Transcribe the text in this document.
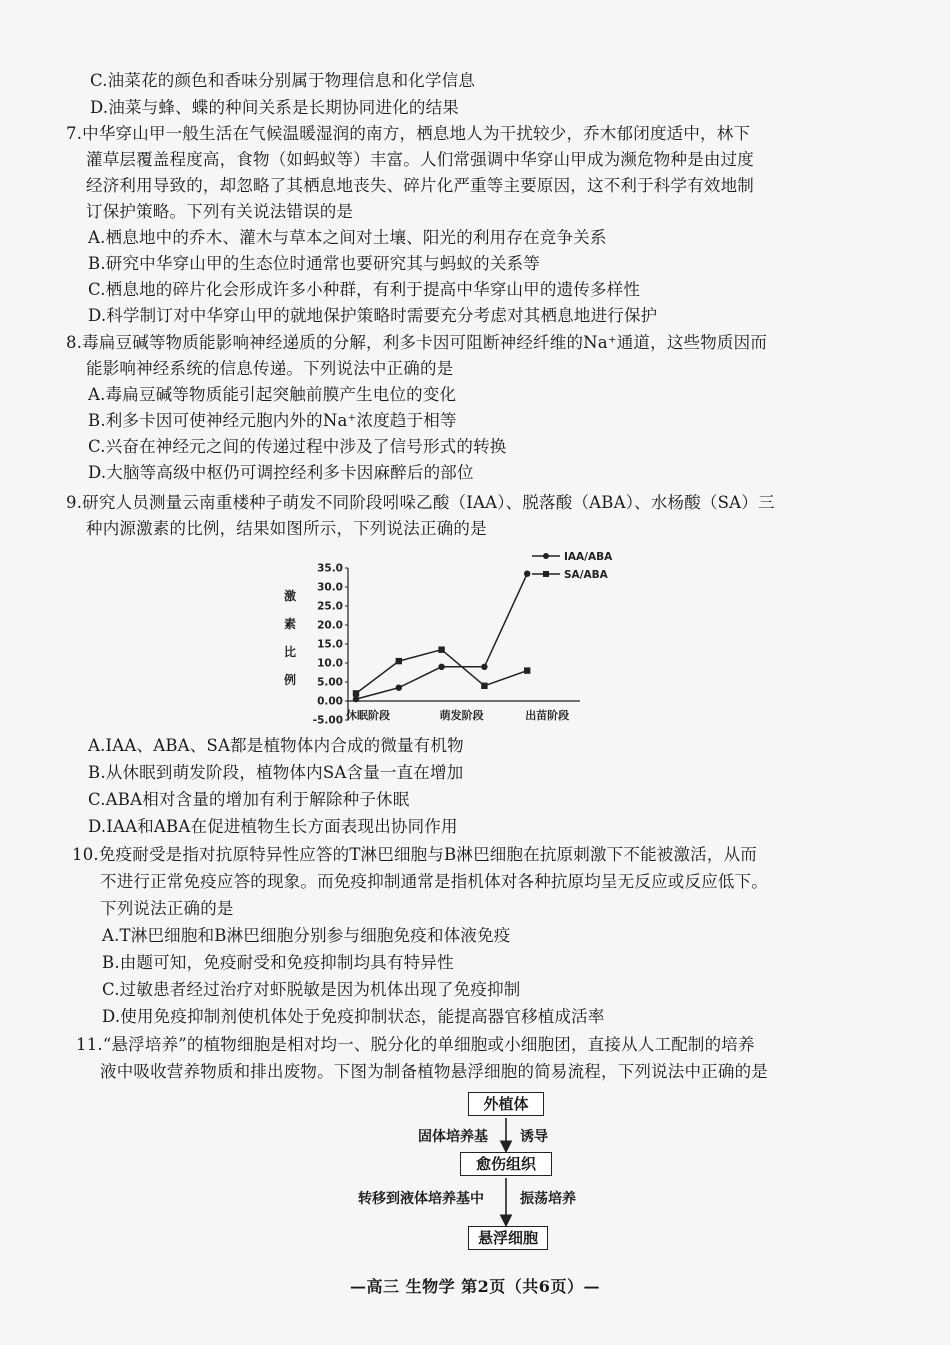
C.油菜花的颜色和香味分别属于物理信息和化学信息
D.油菜与蜂、蝶的种间关系是长期协同进化的结果
7.中华穿山甲一般生活在气候温暖湿润的南方，栖息地人为干扰较少，乔木郁闭度适中，林下
灌草层覆盖程度高，食物（如蚂蚁等）丰富。人们常强调中华穿山甲成为濒危物种是由过度
经济利用导致的，却忽略了其栖息地丧失、碎片化严重等主要原因，这不利于科学有效地制
订保护策略。下列有关说法错误的是
A.栖息地中的乔木、灌木与草本之间对土壤、阳光的利用存在竞争关系
B.研究中华穿山甲的生态位时通常也要研究其与蚂蚁的关系等
C.栖息地的碎片化会形成许多小种群，有利于提高中华穿山甲的遗传多样性
D.科学制订对中华穿山甲的就地保护策略时需要充分考虑对其栖息地进行保护
8.毒扁豆碱等物质能影响神经递质的分解，利多卡因可阻断神经纤维的Na⁺通道，这些物质因而
能影响神经系统的信息传递。下列说法中正确的是
A.毒扁豆碱等物质能引起突触前膜产生电位的变化
B.利多卡因可使神经元胞内外的Na⁺浓度趋于相等
C.兴奋在神经元之间的传递过程中涉及了信号形式的转换
D.大脑等高级中枢仍可调控经利多卡因麻醉后的部位
9.研究人员测量云南重楼种子萌发不同阶段吲哚乙酸（IAA）、脱落酸（ABA）、水杨酸（SA）三
种内源激素的比例，结果如图所示，下列说法正确的是
35.0
30.0
25.0
20.0
15.0
10.0
5.00
0.00
-5.00 休眠阶段	萌发阶段	出苗阶段
IAA/ABA
SA/ABA
激
素
比
例
A.IAA、ABA、SA都是植物体内合成的微量有机物
B.从休眠到萌发阶段，植物体内SA含量一直在增加
C.ABA相对含量的增加有利于解除种子休眠
D.IAA和ABA在促进植物生长方面表现出协同作用
10.免疫耐受是指对抗原特异性应答的T淋巴细胞与B淋巴细胞在抗原刺激下不能被激活，从而
不进行正常免疫应答的现象。而免疫抑制通常是指机体对各种抗原均呈无反应或反应低下。
下列说法正确的是
A.T淋巴细胞和B淋巴细胞分别参与细胞免疫和体液免疫
B.由题可知，免疫耐受和免疫抑制均具有特异性
C.过敏患者经过治疗对虾脱敏是因为机体出现了免疫抑制
D.使用免疫抑制剂使机体处于免疫抑制状态，能提高器官移植成活率
11.“悬浮培养”的植物细胞是相对均一、脱分化的单细胞或小细胞团，直接从人工配制的培养
液中吸收营养物质和排出废物。下图为制备植物悬浮细胞的简易流程，下列说法中正确的是
外植体
固体培养基 诱导
愈伤组织
转移到液体培养基中	振荡培养
悬浮细胞
—高三 生物学 第2页（共6页）—
